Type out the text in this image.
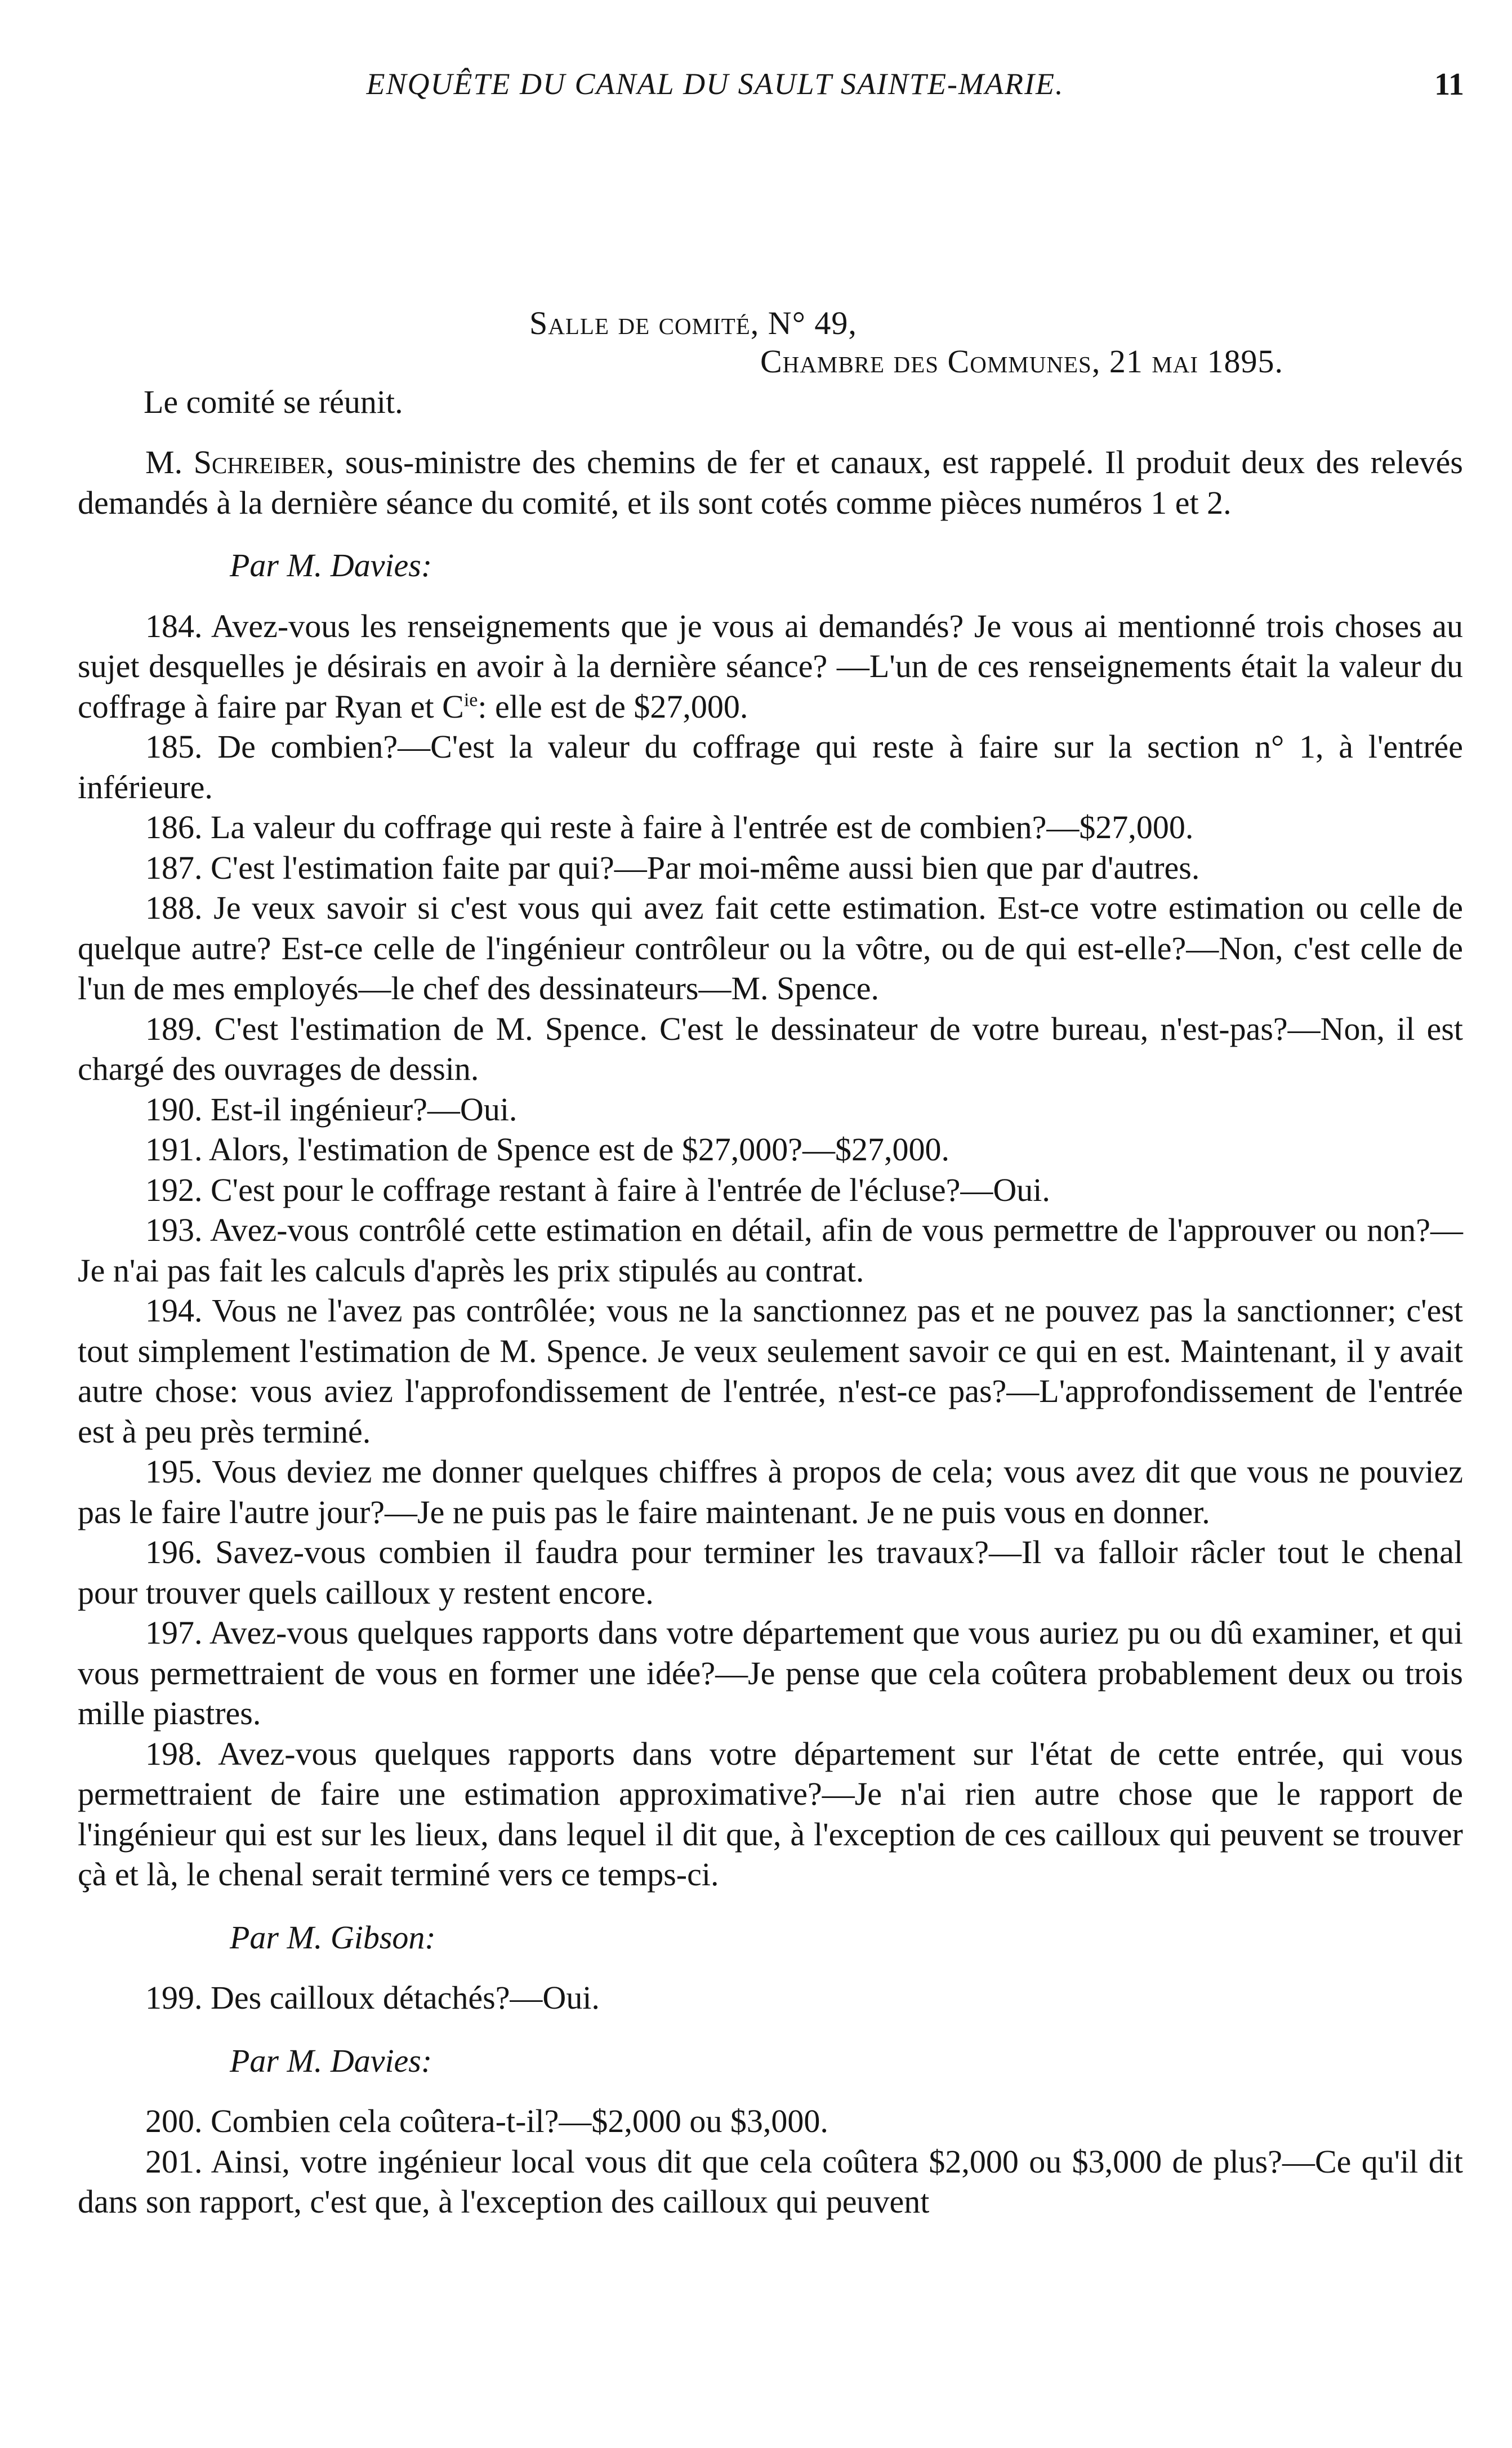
ENQUÊTE DU CANAL DU SAULT SAINTE-MARIE.	11
Salle de comité, N° 49,
Chambre des Communes, 21 mai 1895.
Le comité se réunit.

M. Schreiber, sous-ministre des chemins de fer et canaux, est rappelé. Il produit deux des relevés demandés à la dernière séance du comité, et ils sont cotés comme pièces numéros 1 et 2.

Par M. Davies:

184. Avez-vous les renseignements que je vous ai demandés? Je vous ai mentionné trois choses au sujet desquelles je désirais en avoir à la dernière séance? —L'un de ces renseignements était la valeur du coffrage à faire par Ryan et $C^{ie}$: elle est de $27,000.

185. De combien?—C'est la valeur du coffrage qui reste à faire sur la section n° 1, à l'entrée inférieure.

186. La valeur du coffrage qui reste à faire à l'entrée est de combien?—$27,000.

187. C'est l'estimation faite par qui?—Par moi-même aussi bien que par d'autres.

188. Je veux savoir si c'est vous qui avez fait cette estimation. Est-ce votre estimation ou celle de quelque autre? Est-ce celle de l'ingénieur contrôleur ou la vôtre, ou de qui est-elle?—Non, c'est celle de l'un de mes employés—le chef des dessinateurs—M. Spence.

189. C'est l'estimation de M. Spence. C'est le dessinateur de votre bureau, n'est-pas?—Non, il est chargé des ouvrages de dessin.

190. Est-il ingénieur?—Oui.

191. Alors, l'estimation de Spence est de $27,000?—$27,000.

192. C'est pour le coffrage restant à faire à l'entrée de l'écluse?—Oui.

193. Avez-vous contrôlé cette estimation en détail, afin de vous permettre de l'approuver ou non?—Je n'ai pas fait les calculs d'après les prix stipulés au contrat.

194. Vous ne l'avez pas contrôlée; vous ne la sanctionnez pas et ne pouvez pas la sanctionner; c'est tout simplement l'estimation de M. Spence. Je veux seulement savoir ce qui en est. Maintenant, il y avait autre chose: vous aviez l'approfondissement de l'entrée, n'est-ce pas?—L'approfondissement de l'entrée est à peu près terminé.

195. Vous deviez me donner quelques chiffres à propos de cela; vous avez dit que vous ne pouviez pas le faire l'autre jour?—Je ne puis pas le faire maintenant. Je ne puis vous en donner.

196. Savez-vous combien il faudra pour terminer les travaux?—Il va falloir râcler tout le chenal pour trouver quels cailloux y restent encore.

197. Avez-vous quelques rapports dans votre département que vous auriez pu ou dû examiner, et qui vous permettraient de vous en former une idée?—Je pense que cela coûtera probablement deux ou trois mille piastres.

198. Avez-vous quelques rapports dans votre département sur l'état de cette entrée, qui vous permettraient de faire une estimation approximative?—Je n'ai rien autre chose que le rapport de l'ingénieur qui est sur les lieux, dans lequel il dit que, à l'exception de ces cailloux qui peuvent se trouver çà et là, le chenal serait terminé vers ce temps-ci.

Par M. Gibson:

199. Des cailloux détachés?—Oui.

Par M. Davies:

200. Combien cela coûtera-t-il?—$2,000 ou $3,000.

201. Ainsi, votre ingénieur local vous dit que cela coûtera $2,000 ou $3,000 de plus?—Ce qu'il dit dans son rapport, c'est que, à l'exception des cailloux qui peuvent
